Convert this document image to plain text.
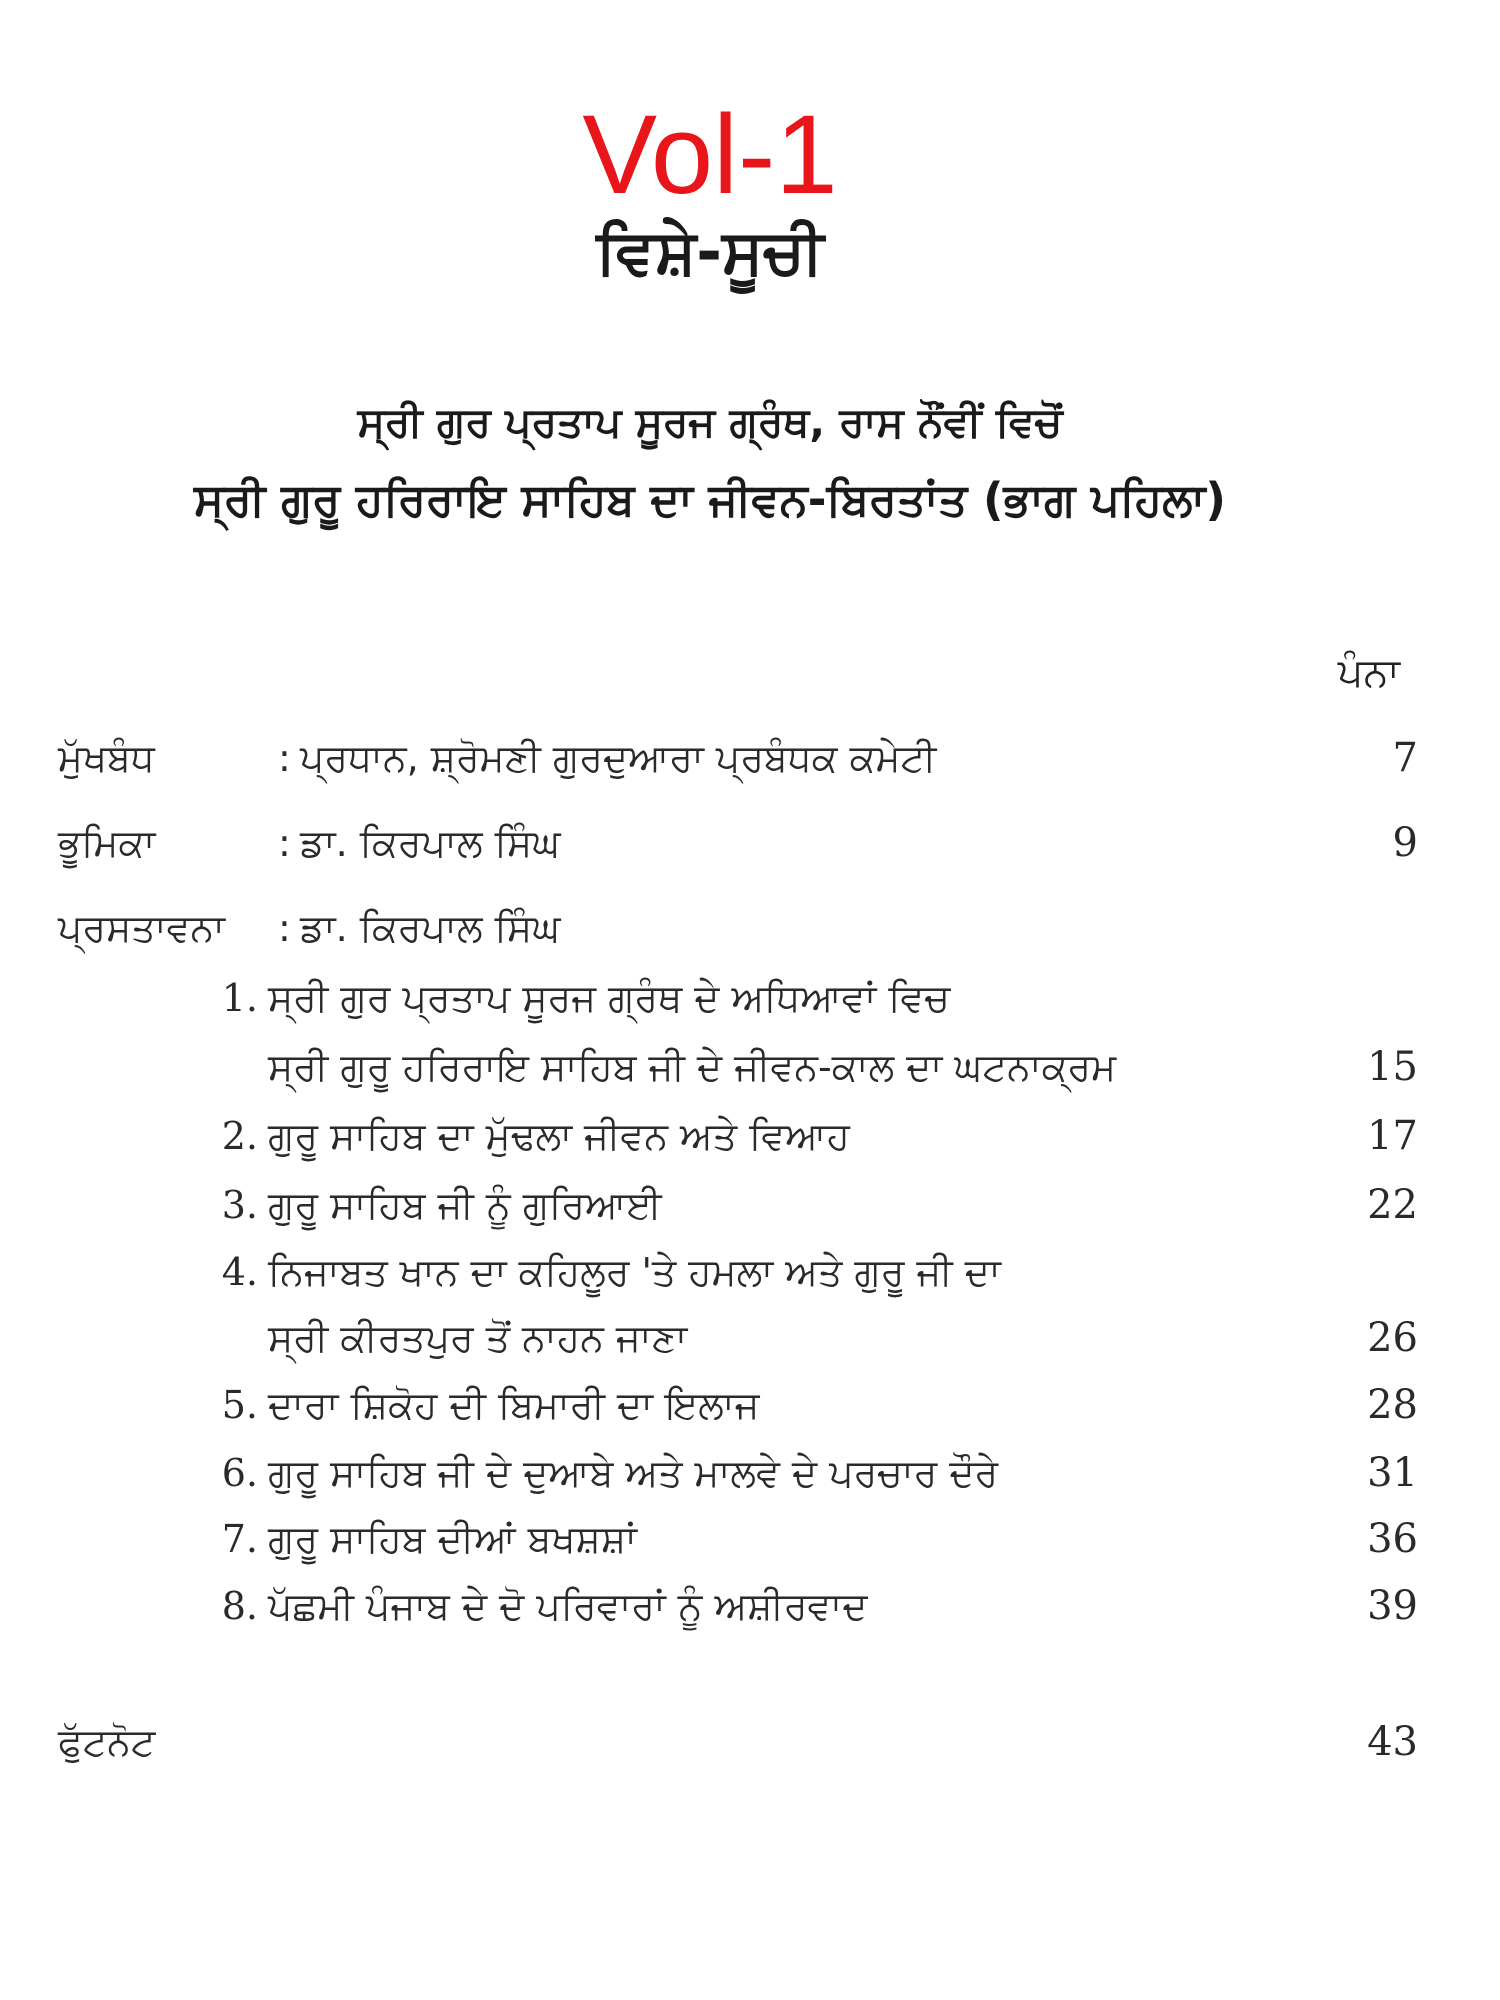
Vol-1
ਵਿਸ਼ੇ-ਸੂਚੀ
ਸ੍ਰੀ ਗੁਰ ਪ੍ਰਤਾਪ ਸੂਰਜ ਗ੍ਰੰਥ, ਰਾਸ ਨੌਂਵੀਂ ਵਿਚੋਂ
ਸ੍ਰੀ ਗੁਰੂ ਹਰਿਰਾਇ ਸਾਹਿਬ ਦਾ ਜੀਵਨ-ਬਿਰਤਾਂਤ (ਭਾਗ ਪਹਿਲਾ)
ਪੰਨਾ
ਮੁੱਖਬੰਧ	: ਪ੍ਰਧਾਨ, ਸ਼੍ਰੋਮਣੀ ਗੁਰਦੁਆਰਾ ਪ੍ਰਬੰਧਕ ਕਮੇਟੀ	7
ਭੂਮਿਕਾ	: ਡਾ. ਕਿਰਪਾਲ ਸਿੰਘ	9
ਪ੍ਰਸਤਾਵਨਾ : ਡਾ. ਕਿਰਪਾਲ ਸਿੰਘ
1. ਸ੍ਰੀ ਗੁਰ ਪ੍ਰਤਾਪ ਸੂਰਜ ਗ੍ਰੰਥ ਦੇ ਅਧਿਆਵਾਂ ਵਿਚ
ਸ੍ਰੀ ਗੁਰੂ ਹਰਿਰਾਇ ਸਾਹਿਬ ਜੀ ਦੇ ਜੀਵਨ-ਕਾਲ ਦਾ ਘਟਨਾਕ੍ਰਮ	15
2. ਗੁਰੂ ਸਾਹਿਬ ਦਾ ਮੁੱਢਲਾ ਜੀਵਨ ਅਤੇ ਵਿਆਹ	17
3. ਗੁਰੂ ਸਾਹਿਬ ਜੀ ਨੂੰ ਗੁਰਿਆਈ	22
4. ਨਿਜਾਬਤ ਖਾਨ ਦਾ ਕਹਿਲੂਰ 'ਤੇ ਹਮਲਾ ਅਤੇ ਗੁਰੂ ਜੀ ਦਾ
ਸ੍ਰੀ ਕੀਰਤਪੁਰ ਤੋਂ ਨਾਹਨ ਜਾਣਾ	26
5. ਦਾਰਾ ਸ਼ਿਕੋਹ ਦੀ ਬਿਮਾਰੀ ਦਾ ਇਲਾਜ	28
6. ਗੁਰੂ ਸਾਹਿਬ ਜੀ ਦੇ ਦੁਆਬੇ ਅਤੇ ਮਾਲਵੇ ਦੇ ਪਰਚਾਰ ਦੌਰੇ	31
7. ਗੁਰੂ ਸਾਹਿਬ ਦੀਆਂ ਬਖਸ਼ਸ਼ਾਂ	36
8. ਪੱਛਮੀ ਪੰਜਾਬ ਦੇ ਦੋ ਪਰਿਵਾਰਾਂ ਨੂੰ ਅਸ਼ੀਰਵਾਦ	39
ਫੁੱਟਨੋਟ	43
